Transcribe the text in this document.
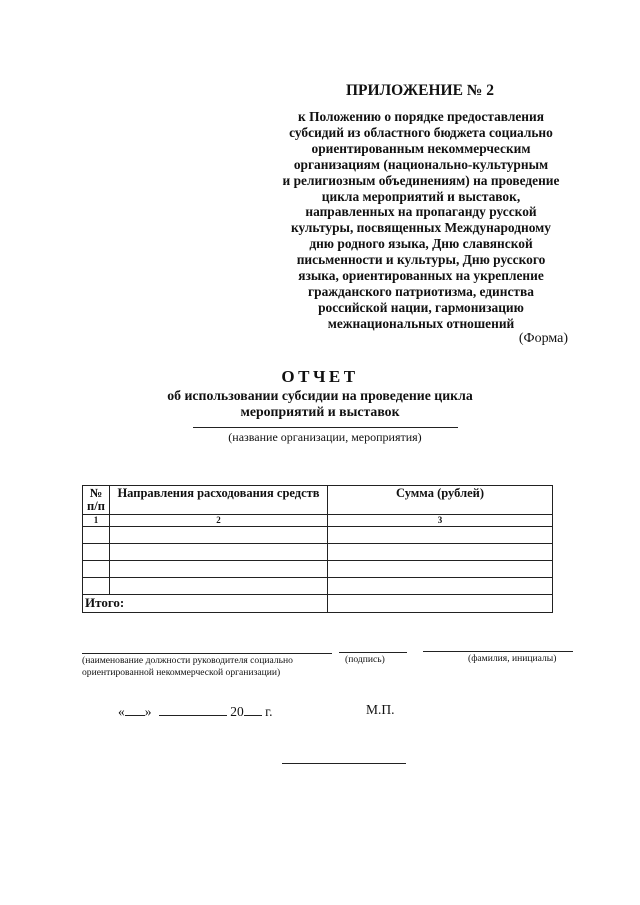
ПРИЛОЖЕНИЕ № 2
к Положению о порядке предоставления
субсидий из областного бюджета социально
ориентированным некоммерческим
организациям (национально-культурным
и религиозным объединениям) на проведение
цикла мероприятий и выставок,
направленных на пропаганду русской
культуры, посвященных Международному
дню родного языка, Дню славянской
письменности и культуры, Дню русского
языка, ориентированных на укрепление
гражданского патриотизма, единства
российской нации, гармонизацию
межнациональных отношений
(Форма)
ОТЧЕТ
об использовании субсидии на проведение цикла
мероприятий и выставок
(название организации, мероприятия)
№ п/п	Направления расходования средств	Сумма (рублей)
1	2	3

Итого:		
(наименование должности руководителя социально
ориентированной некоммерческой организации)
(подпись)	(фамилия, инициалы)
« »	20 г.	М.П.
